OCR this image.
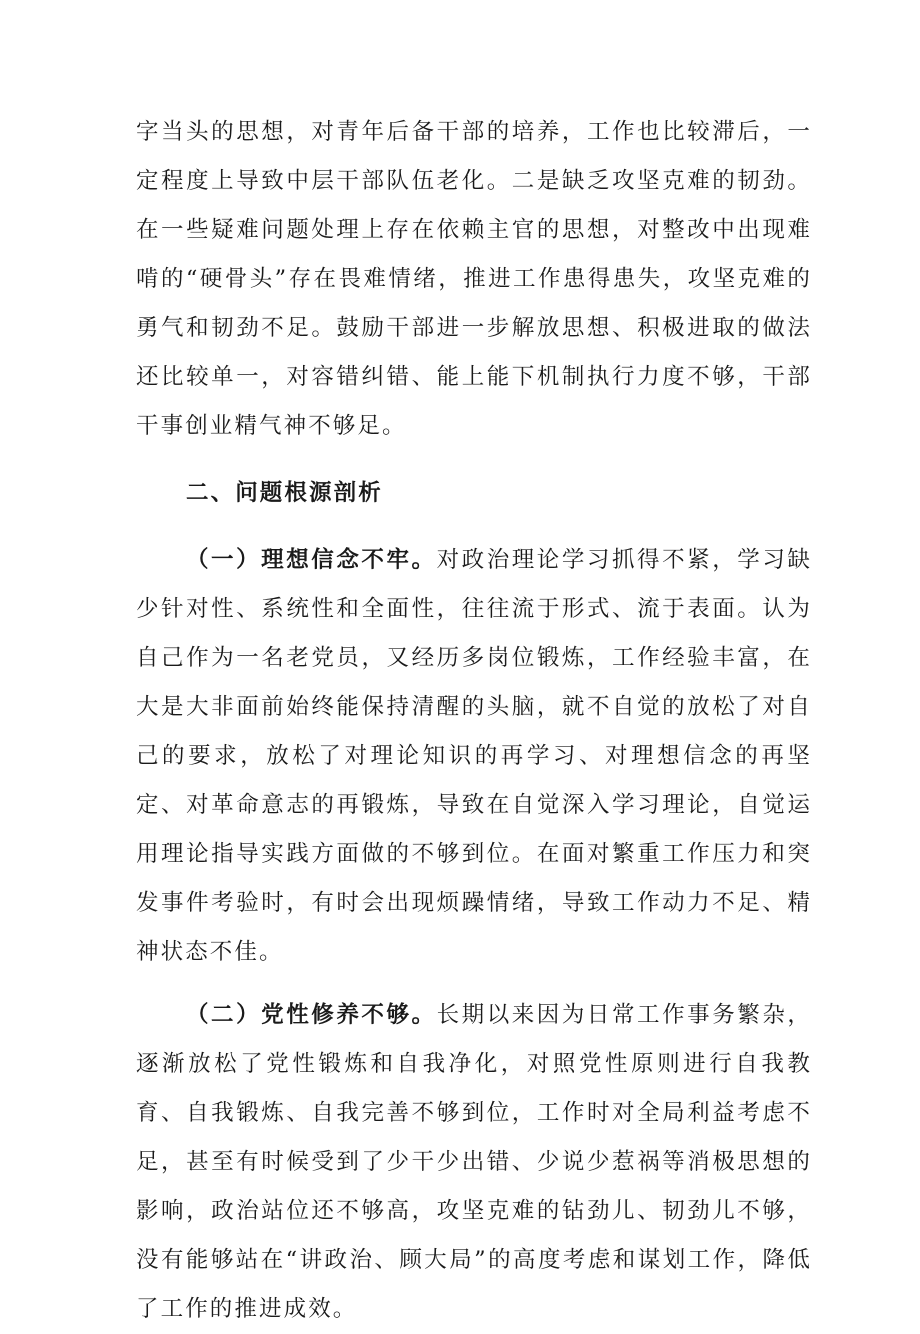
字当头的思想，对青年后备干部的培养，工作也比较滞后，一定程度上导致中层干部队伍老化。二是缺乏攻坚克难的韧劲。在一些疑难问题处理上存在依赖主官的思想，对整改中出现难啃的“硬骨头”存在畏难情绪，推进工作患得患失，攻坚克难的勇气和韧劲不足。鼓励干部进一步解放思想、积极进取的做法还比较单一，对容错纠错、能上能下机制执行力度不够，干部干事创业精气神不够足。

二、问题根源剖析

（一）理想信念不牢。对政治理论学习抓得不紧，学习缺少针对性、系统性和全面性，往往流于形式、流于表面。认为自己作为一名老党员，又经历多岗位锻炼，工作经验丰富，在大是大非面前始终能保持清醒的头脑，就不自觉的放松了对自己的要求，放松了对理论知识的再学习、对理想信念的再坚定、对革命意志的再锻炼，导致在自觉深入学习理论，自觉运用理论指导实践方面做的不够到位。在面对繁重工作压力和突发事件考验时，有时会出现烦躁情绪，导致工作动力不足、精神状态不佳。

（二）党性修养不够。长期以来因为日常工作事务繁杂，逐渐放松了党性锻炼和自我净化，对照党性原则进行自我教育、自我锻炼、自我完善不够到位，工作时对全局利益考虑不足，甚至有时候受到了少干少出错、少说少惹祸等消极思想的影响，政治站位还不够高，攻坚克难的钻劲儿、韧劲儿不够，没有能够站在“讲政治、顾大局”的高度考虑和谋划工作，降低了工作的推进成效。
